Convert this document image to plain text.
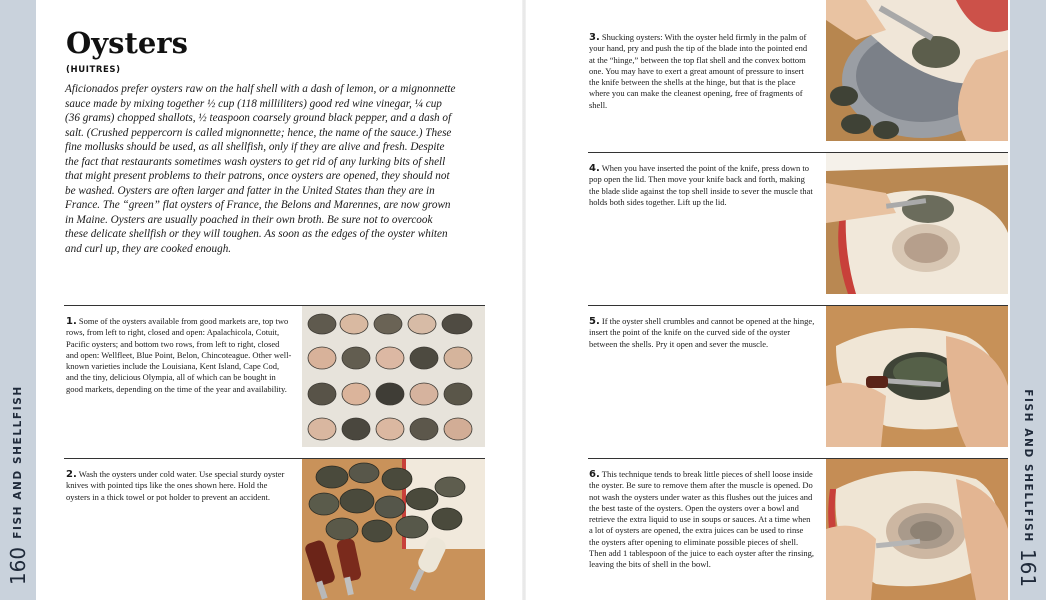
FISH AND SHELLFISH	FISH AND SHELLFISH
160	161
Oysters
(HUITRES)

Aficionados prefer oysters raw on the half shell with a dash of lemon, or a mignonnette sauce made by mixing together ½ cup (118 milliliters) good red wine vinegar, ¼ cup (36 grams) chopped shallots, ½ teaspoon coarsely ground black pepper, and a dash of salt. (Crushed peppercorn is called mignonnette; hence, the name of the sauce.) These fine mollusks should be used, as all shellfish, only if they are alive and fresh. Despite the fact that restaurants sometimes wash oysters to get rid of any lurking bits of shell that might present problems to their patrons, once oysters are opened, they should not be washed. Oysters are often larger and fatter in the United States than they are in France. The “green” flat oysters of France, the Belons and Marennes, are now grown in Maine. Oysters are usually poached in their own broth. Be sure not to overcook these delicate shellfish or they will toughen. As soon as the edges of the oyster whiten and curl up, they are cooked enough.

1. Some of the oysters available from good markets are, top two rows, from left to right, closed and open: Apalachicola, Cotuit, Pacific oysters; and bottom two rows, from left to right, closed and open: Wellfleet, Blue Point, Belon, Chincoteague. Other well-known varieties include the Louisiana, Kent Island, Cape Cod, and the tiny, delicious Olympia, all of which can be bought in good markets, depending on the time of the year and availability.

2. Wash the oysters under cold water. Use special sturdy oyster knives with pointed tips like the ones shown here. Hold the oysters in a thick towel or pot holder to prevent an accident.

3. Shucking oysters: With the oyster held firmly in the palm of your hand, pry and push the tip of the blade into the pointed end at the “hinge,” between the top flat shell and the convex bottom one. You may have to exert a great amount of pressure to insert the knife between the shells at the hinge, but that is the place where you can make the cleanest opening, free of fragments of shell.

4. When you have inserted the point of the knife, press down to pop open the lid. Then move your knife back and forth, making the blade slide against the top shell inside to sever the muscle that holds both sides together. Lift up the lid.

5. If the oyster shell crumbles and cannot be opened at the hinge, insert the point of the knife on the curved side of the oyster between the shells. Pry it open and sever the muscle.

6. This technique tends to break little pieces of shell loose inside the oyster. Be sure to remove them after the muscle is opened. Do not wash the oysters under water as this flushes out the juices and the best taste of the oysters. Open the oysters over a bowl and retrieve the extra liquid to use in soups or sauces. At a time when a lot of oysters are opened, the extra juices can be used to rinse the oysters after opening to eliminate possible pieces of shell. Then add 1 tablespoon of the juice to each oyster after the rinsing, leaving the bits of shell in the bowl.
